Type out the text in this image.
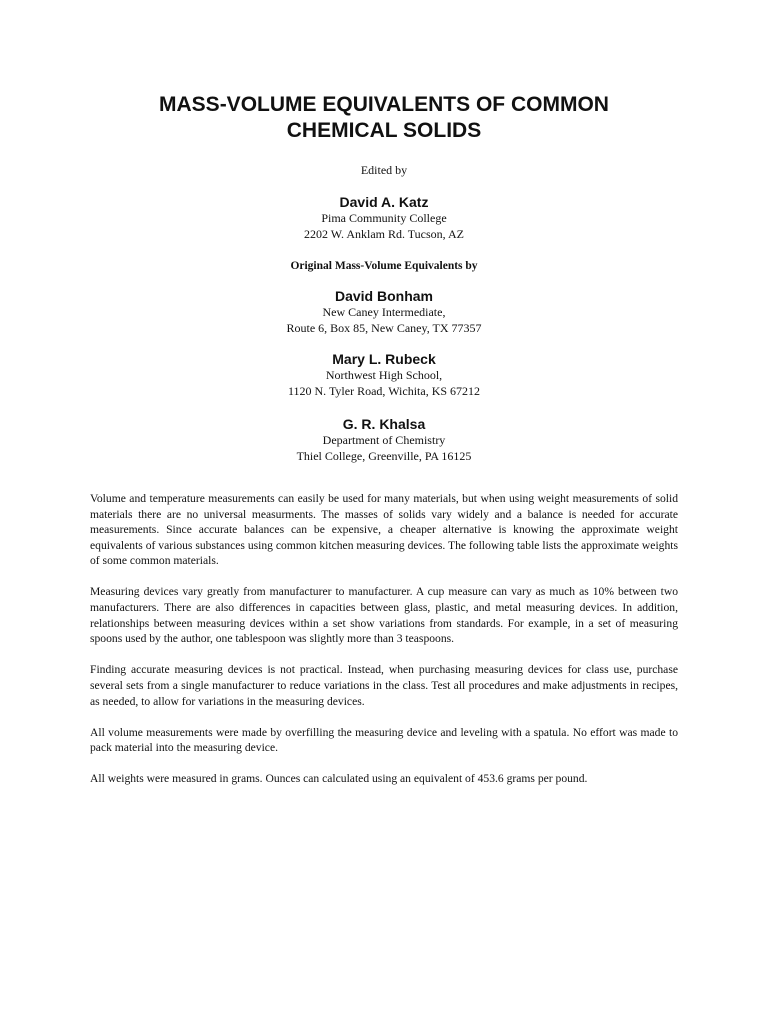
MASS-VOLUME EQUIVALENTS OF COMMON
CHEMICAL SOLIDS
Edited by
David A. Katz
Pima Community College
2202 W. Anklam Rd. Tucson, AZ
Original Mass-Volume Equivalents by
David Bonham
New Caney Intermediate,
Route 6, Box 85, New Caney, TX 77357
Mary L. Rubeck
Northwest High School,
1120 N. Tyler Road, Wichita, KS 67212
G. R. Khalsa
Department of Chemistry
Thiel College, Greenville, PA 16125

Volume and temperature measurements can easily be used for many materials, but when using weight measurements of solid materials there are no universal measurments. The masses of solids vary widely and a balance is needed for accurate measurements. Since accurate balances can be expensive, a cheaper alternative is knowing the approximate weight equivalents of various substances using common kitchen measuring devices. The following table lists the approximate weights of some common materials.

Measuring devices vary greatly from manufacturer to manufacturer. A cup measure can vary as much as 10% between two manufacturers. There are also differences in capacities between glass, plastic, and metal measuring devices. In addition, relationships between measuring devices within a set show variations from standards. For example, in a set of measuring spoons used by the author, one tablespoon was slightly more than 3 teaspoons.

Finding accurate measuring devices is not practical. Instead, when purchasing measuring devices for class use, purchase several sets from a single manufacturer to reduce variations in the class. Test all procedures and make adjustments in recipes, as needed, to allow for variations in the measuring devices.

All volume measurements were made by overfilling the measuring device and leveling with a spatula. No effort was made to pack material into the measuring device.

All weights were measured in grams. Ounces can calculated using an equivalent of 453.6 grams per pound.
